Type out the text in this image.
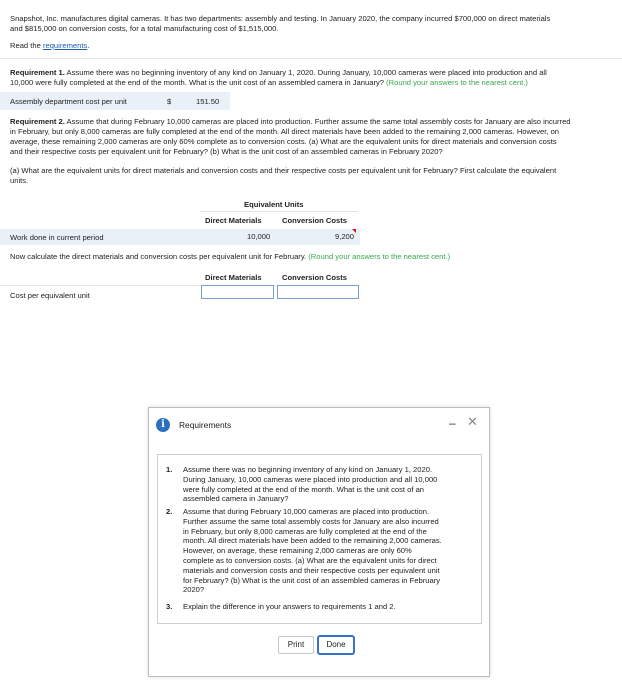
Snapshot, Inc. manufactures digital cameras. It has two departments: assembly and testing. In January 2020, the company incurred $700,000 on direct materials
and $815,000 on conversion costs, for a total manufacturing cost of $1,515,000.
Read the requirements.
Requirement 1. Assume there was no beginning inventory of any kind on January 1, 2020. During January, 10,000 cameras were placed into production and all
10,000 were fully completed at the end of the month. What is the unit cost of an assembled camera in January? (Round your answers to the nearest cent.)
Assembly department cost per unit	$	151.50
Requirement 2. Assume that during February 10,000 cameras are placed into production. Further assume the same total assembly costs for January are also incurred
in February, but only 8,000 cameras are fully completed at the end of the month. All direct materials have been added to the remaining 2,000 cameras. However, on
average, these remaining 2,000 cameras are only 60% complete as to conversion costs. (a) What are the equivalent units for direct materials and conversion costs
and their respective costs per equivalent unit for February? (b) What is the unit cost of an assembled cameras in February 2020?
(a) What are the equivalent units for direct materials and conversion costs and their respective costs per equivalent unit for February? First calculate the equivalent
units.
Equivalent Units
Direct Materials	Conversion Costs
Work done in current period	10,000	9,200
Now calculate the direct materials and conversion costs per equivalent unit for February. (Round your answers to the nearest cent.)
Direct Materials	Conversion Costs
Cost per equivalent unit
i	Requirements	– ✕
1. Assume there was no beginning inventory of any kind on January 1, 2020.
During January, 10,000 cameras were placed into production and all 10,000
were fully completed at the end of the month. What is the unit cost of an
assembled camera in January?
2. Assume that during February 10,000 cameras are placed into production.
Further assume the same total assembly costs for January are also incurred
in February, but only 8,000 cameras are fully completed at the end of the
month. All direct materials have been added to the remaining 2,000 cameras.
However, on average, these remaining 2,000 cameras are only 60%
complete as to conversion costs. (a) What are the equivalent units for direct
materials and conversion costs and their respective costs per equivalent unit
for February? (b) What is the unit cost of an assembled cameras in February
2020?
3. Explain the difference in your answers to requirements 1 and 2.
Print	Done
